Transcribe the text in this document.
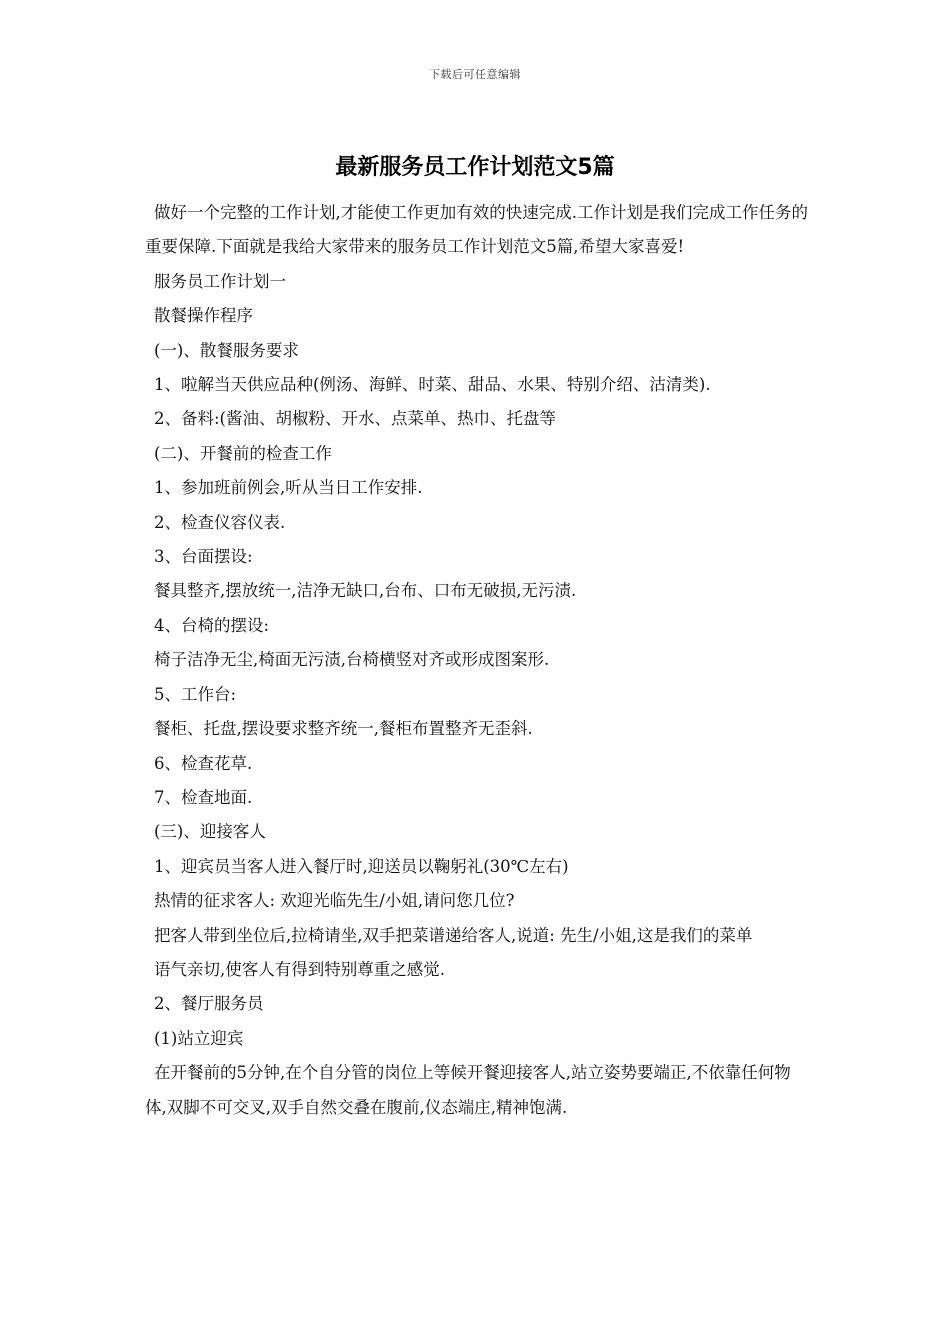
下载后可任意编辑
最新服务员工作计划范文5篇

做好一个完整的工作计划,才能使工作更加有效的快速完成.工作计划是我们完成工作任务的重要保障.下面就是我给大家带来的服务员工作计划范文5篇,希望大家喜爱!

服务员工作计划一

散餐操作程序

(一)、散餐服务要求

1、啦解当天供应品种(例汤、海鲜、时菜、甜品、水果、特别介绍、沽清类).

2、备料:(酱油、胡椒粉、开水、点菜单、热巾、托盘等

(二)、开餐前的检查工作

1、参加班前例会,听从当日工作安排.

2、检查仪容仪表.

3、台面摆设:

餐具整齐,摆放统一,洁净无缺口,台布、口布无破损,无污渍.

4、台椅的摆设:

椅子洁净无尘,椅面无污渍,台椅横竖对齐或形成图案形.

5、工作台:

餐柜、托盘,摆设要求整齐统一,餐柜布置整齐无歪斜.

6、检查花草.

7、检查地面.

(三)、迎接客人

1、迎宾员当客人进入餐厅时,迎送员以鞠躬礼(30℃左右)

热情的征求客人: 欢迎光临先生/小姐,请问您几位?

把客人带到坐位后,拉椅请坐,双手把菜谱递给客人,说道: 先生/小姐,这是我们的菜单

语气亲切,使客人有得到特别尊重之感觉.

2、餐厅服务员

(1)站立迎宾

在开餐前的5分钟,在个自分管的岗位上等候开餐迎接客人,站立姿势要端正,不依靠任何物体,双脚不可交叉,双手自然交叠在腹前,仪态端庄,精神饱满.
